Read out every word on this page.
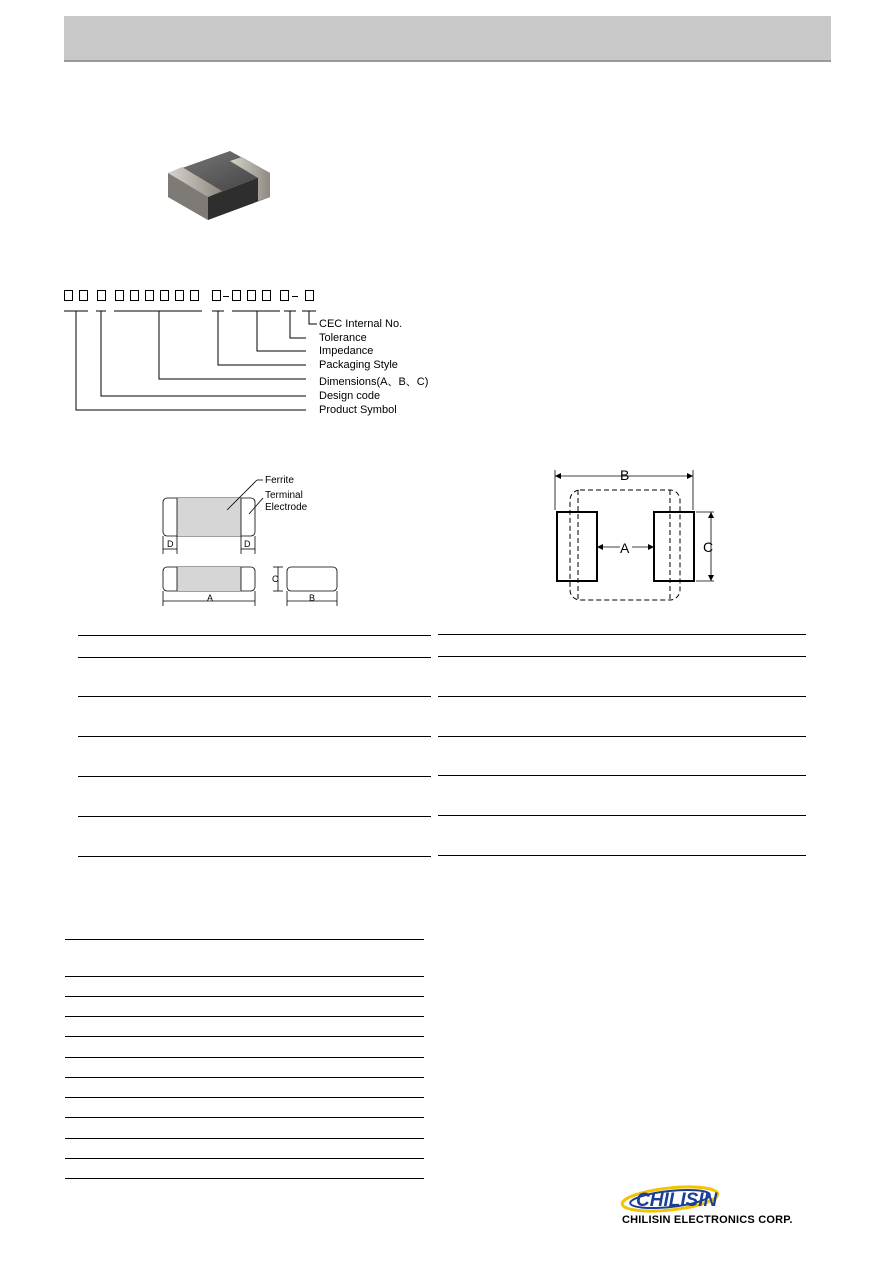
CEC Internal No.
Tolerance
Impedance
Packaging Style
Dimensions(A、B、C)
Design code
Product Symbol
Ferrite
Terminal
Electrode
D	D
C
A	B
B
A	C
CHILISIN
CHILISIN ELECTRONICS CORP.
